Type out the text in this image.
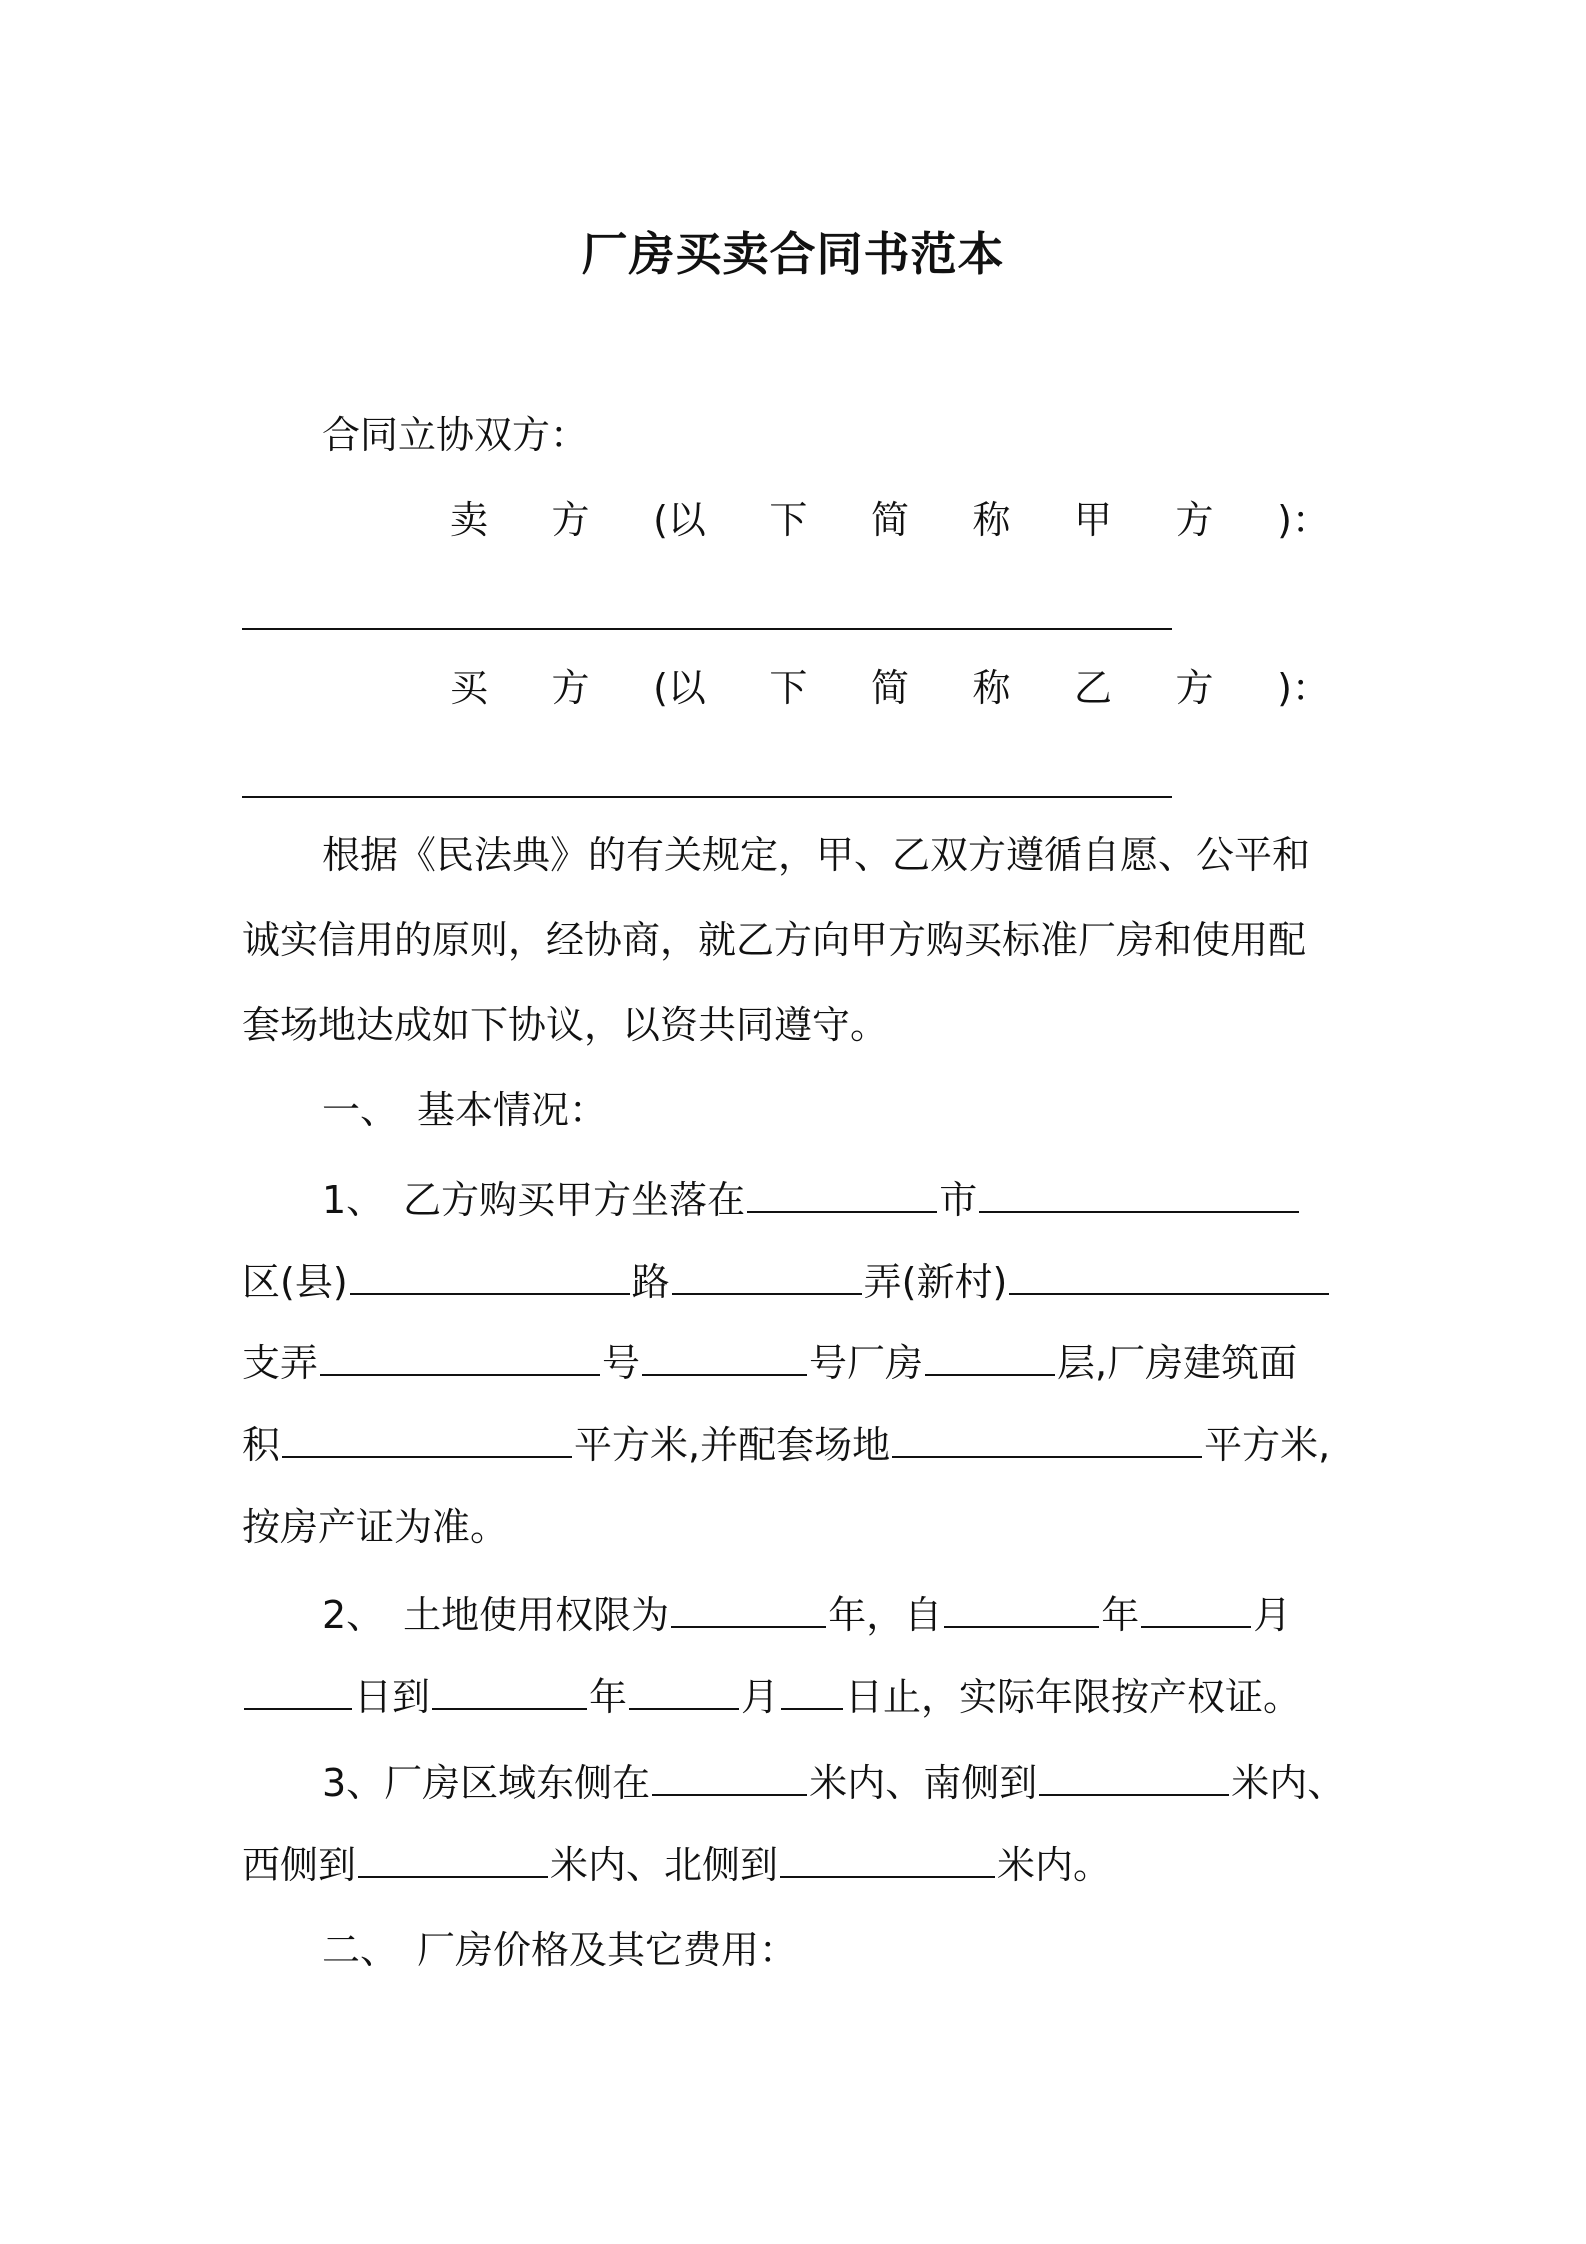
厂房买卖合同书范本
合同立协双方：
卖 方 (以 下 简 称 甲 方 )：
买 方 (以 下 简 称 乙 方 )：
根据《民法典》的有关规定，甲、乙双方遵循自愿、公平和
诚实信用的原则，经协商，就乙方向甲方购买标准厂房和使用配
套场地达成如下协议，以资共同遵守。
一、　基本情况：
1、　乙方购买甲方坐落在	市
区(县)	路	弄(新村)
支弄	号	号厂房	层,厂房建筑面
积	平方米,并配套场地	平方米,
按房产证为准。
2、　土地使用权限为	年，自	年	月
日到	年	月 日止，实际年限按产权证。
3、厂房区域东侧在	米内、南侧到	米内、
西侧到	米内、北侧到	米内。
二、　厂房价格及其它费用：
